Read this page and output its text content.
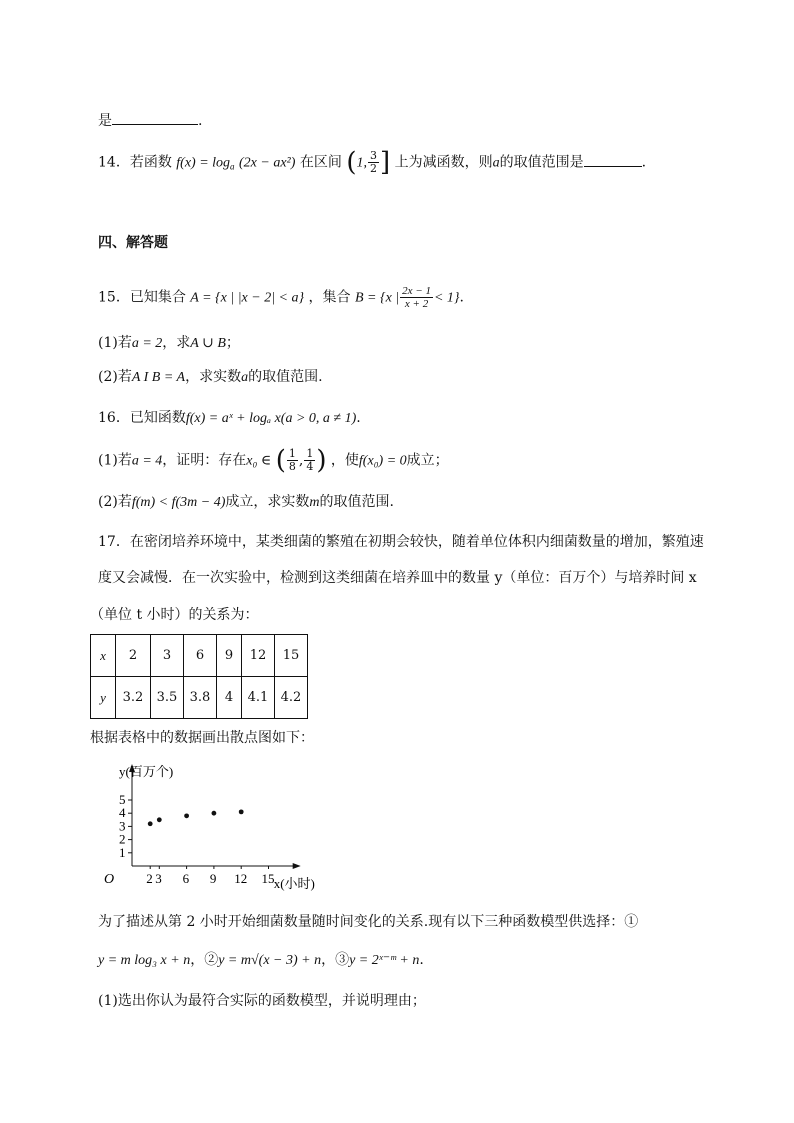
是	.
14．若函数 $f(x) = \log_a (2x - ax^2)$ 在区间 (1, $\frac{3}{2}$ ] 上为减函数，则a的取值范围是	.
四、解答题
15．已知集合 A = {x | |x − 2| < a} ，集合 B = {x | $\frac{2x - 1}{x + 2} < 1$}.
(1)若a = 2，求A ∪ B；
(2)若A I B = A，求实数a的取值范围.
16．已知函数f(x) = aˣ + logₐ x(a > 0, a ≠ 1).
(1)若a = 4，证明：存在x₀ ∈ ( $\frac{1}{8}$ , $\frac{1}{4}$ ) ，使f(x₀) = 0成立；
(2)若f(m) < f(3m − 4)成立，求实数m的取值范围.
17．在密闭培养环境中，某类细菌的繁殖在初期会较快，随着单位体积内细菌数量的增加，繁殖速
度又会减慢．在一次实验中，检测到这类细菌在培养皿中的数量 y（单位：百万个）与培养时间 x
（单位 t 小时）的关系为：
x	2	3	6	9	12	15
y	3.2	3.5	3.8	4	4.1	4.2
根据表格中的数据画出散点图如下：
1
2
3
4
5
2 3 6 9 12 15
O
y(百万个)
x(小时)
为了描述从第 2 小时开始细菌数量随时间变化的关系.现有以下三种函数模型供选择：①
y = m log₃ x + n，②y = m√(x − 3) + n，③y = 2ˣ⁻ᵐ + n.
(1)选出你认为最符合实际的函数模型，并说明理由；
